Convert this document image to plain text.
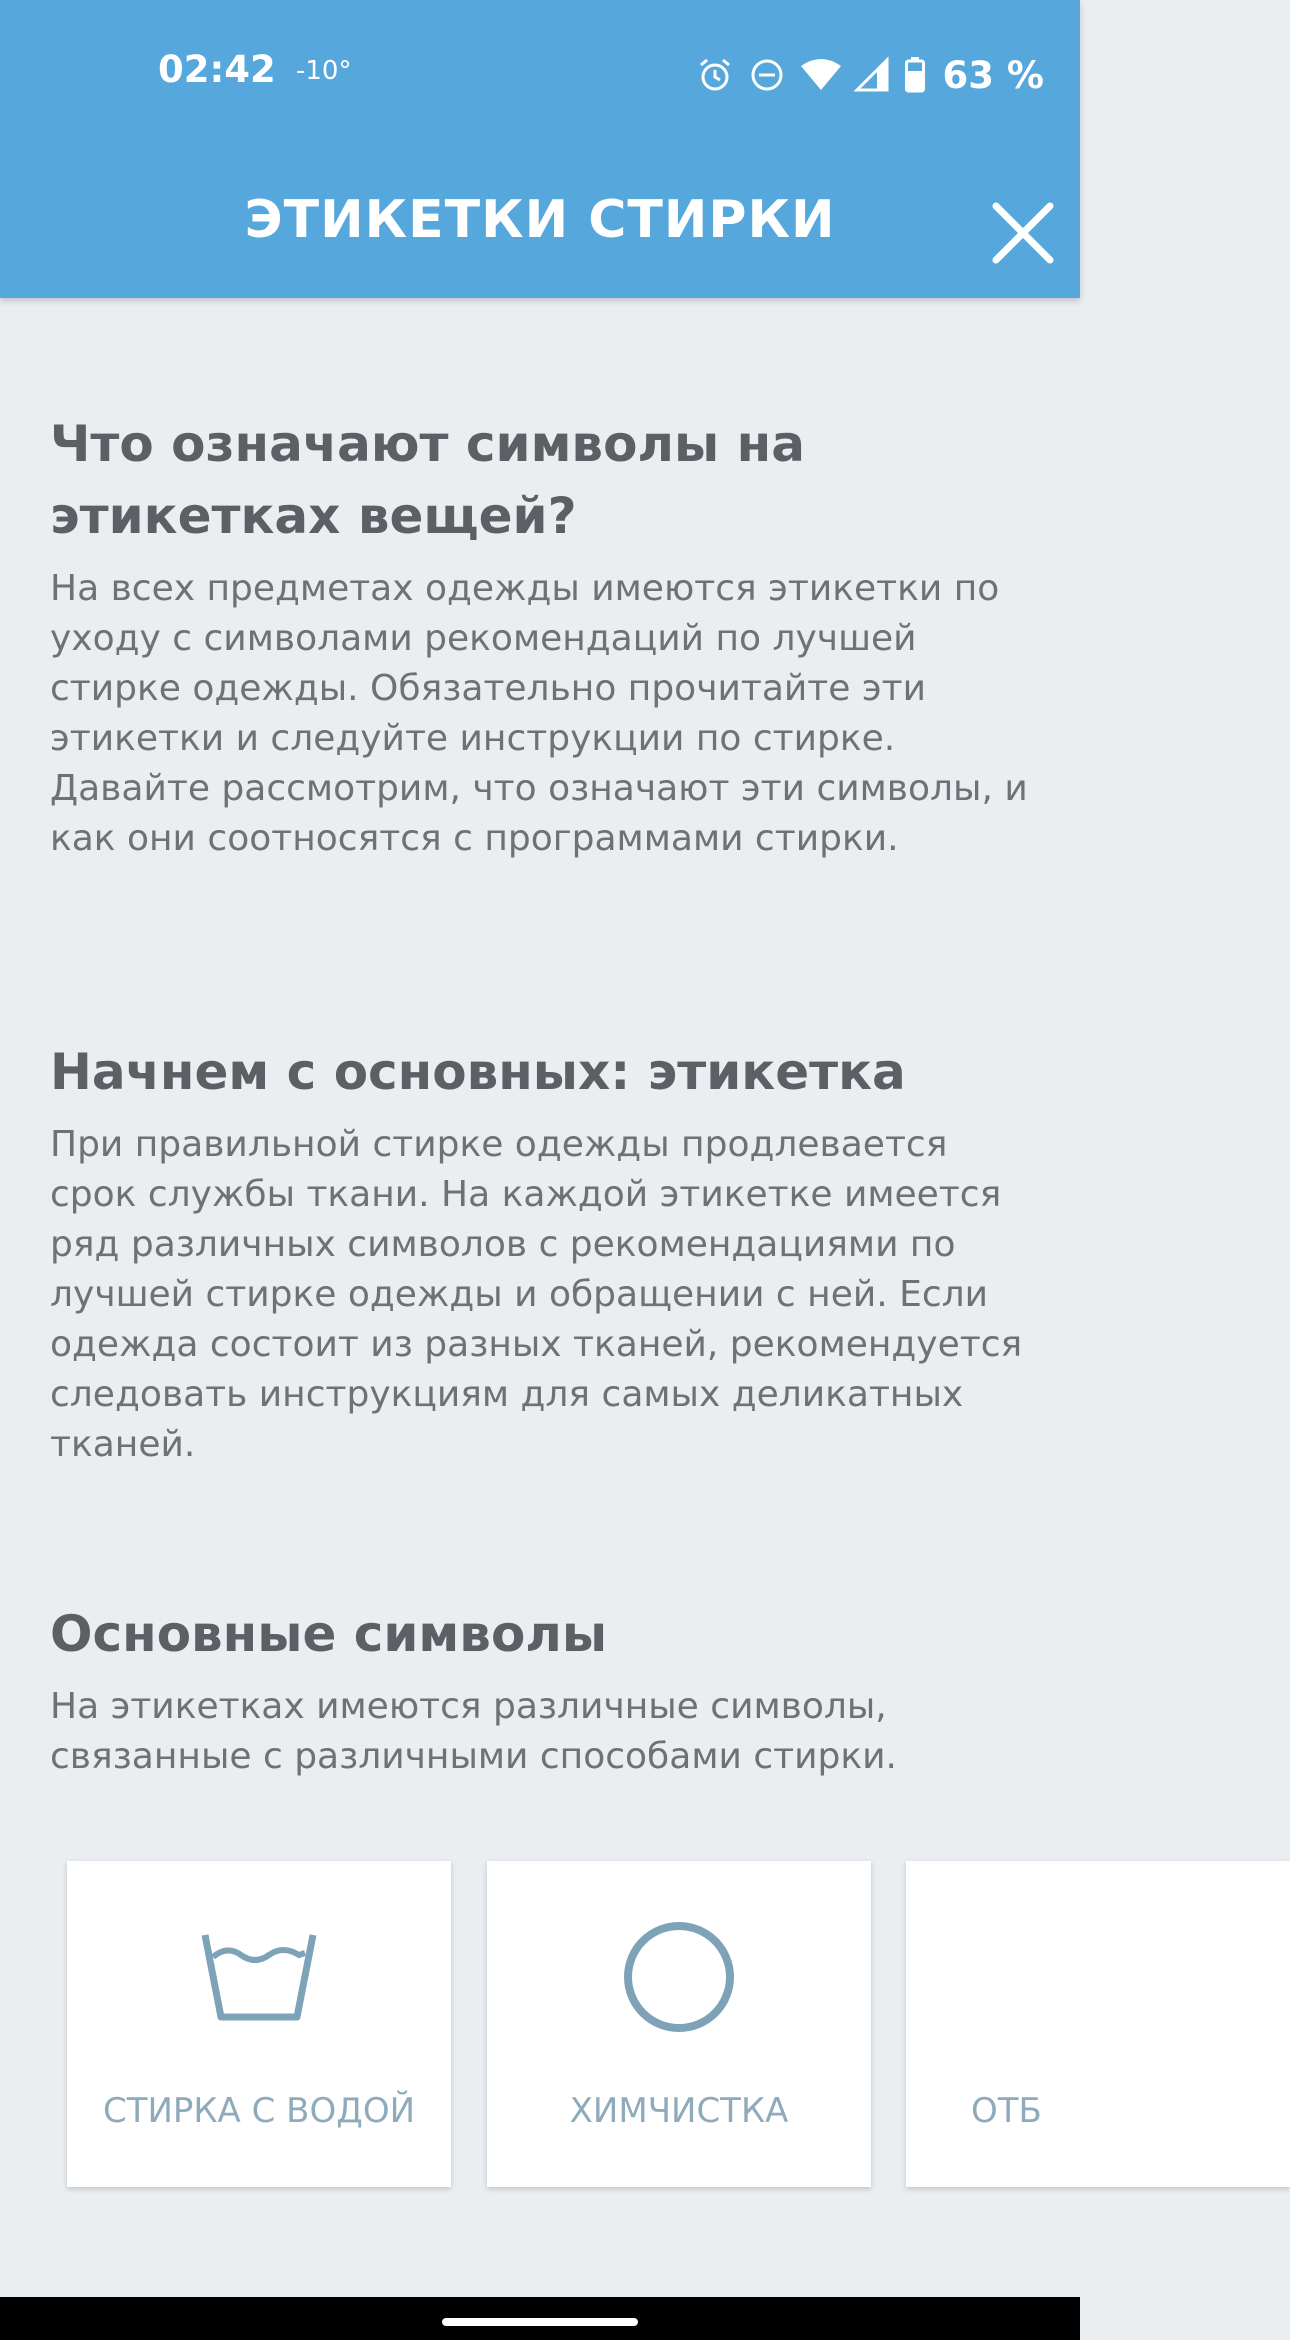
02:42 -10°	63 %
ЭТИКЕТКИ СТИРКИ
Что означают символы на этикетках вещей?

На всех предметах одежды имеются этикетки по уходу с символами рекомендаций по лучшей стирке одежды. Обязательно прочитайте эти этикетки и следуйте инструкции по стирке. Давайте рассмотрим, что означают эти символы, и как они соотносятся с программами стирки.

Начнем с основных: этикетка

При правильной стирке одежды продлевается срок службы ткани. На каждой этикетке имеется ряд различных символов с рекомендациями по лучшей стирке одежды и обращении с ней. Если одежда состоит из разных тканей, рекомендуется следовать инструкциям для самых деликатных тканей.

Основные символы

На этикетках имеются различные символы, связанные с различными способами стирки.

СТИРКА С ВОДОЙ	ХИМЧИСТКА	ОТБ
